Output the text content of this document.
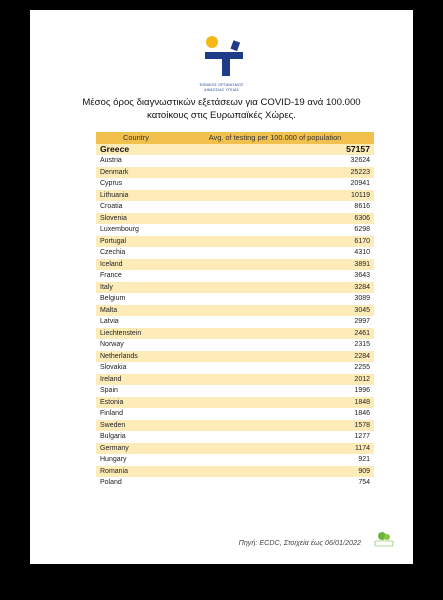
ΕΘΝΙΚΟΣ ΟΡΓΑΝΙΣΜΟΣ
ΔΗΜΟΣΙΑΣ ΥΓΕΙΑΣ
Μέσος όρος διαγνωστικών εξετάσεων για COVID-19 ανά 100.000
κατοίκους στις Ευρωπαϊκές Χώρες.
Country	Avg. of testing per 100.000 of population
Greece	57157
Austria	32624
Denmark	25223
Cyprus	20941
Lithuania	10119
Croatia	8616
Slovenia	6306
Luxembourg	6298
Portugal	6170
Czechia	4310
Iceland	3891
France	3643
Italy	3284
Belgium	3089
Malta	3045
Latvia	2997
Liechtenstein	2461
Norway	2315
Netherlands	2284
Slovakia	2255
Ireland	2012
Spain	1996
Estonia	1848
Finland	1846
Sweden	1578
Bulgaria	1277
Germany	1174
Hungary	921
Romania	909
Poland	754
Πηγή: ECDC, Στοιχεία έως 06/01/2022
